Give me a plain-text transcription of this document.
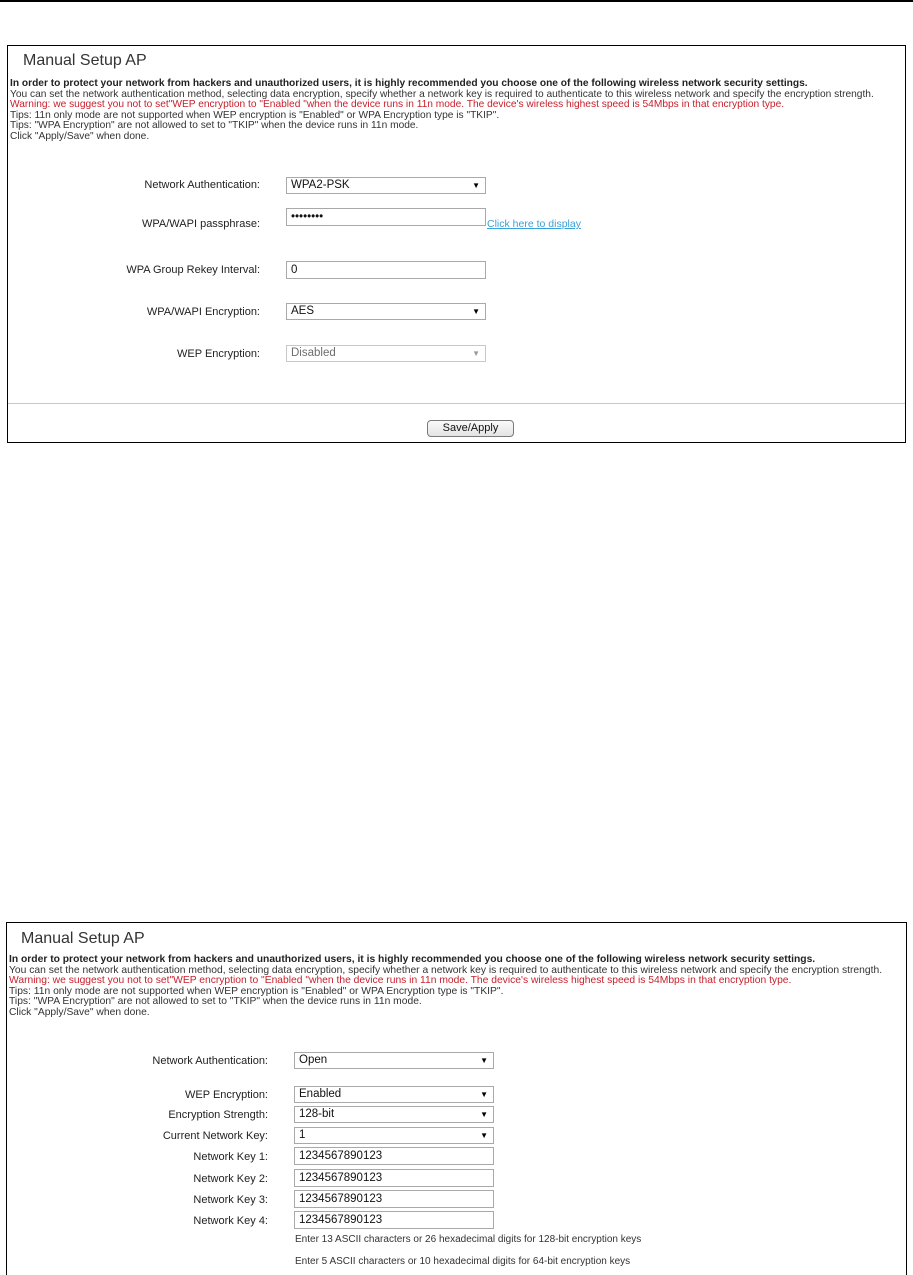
Manual Setup AP
In order to protect your network from hackers and unauthorized users, it is highly recommended you choose one of the following wireless network security settings.
You can set the network authentication method, selecting data encryption, specify whether a network key is required to authenticate to this wireless network and specify the encryption strength.
Warning: we suggest you not to set"WEP encryption to "Enabled "when the device runs in 11n mode. The device's wireless highest speed is 54Mbps in that encryption type.
Tips: 11n only mode are not supported when WEP encryption is "Enabled" or WPA Encryption type is "TKIP".
Tips: "WPA Encryption" are not allowed to set to "TKIP" when the device runs in 11n mode.
Click "Apply/Save" when done.
Network Authentication:	WPA2-PSK	▼
WPA/WAPI passphrase:
••••••••
Click here to display
WPA Group Rekey Interval:	0
WPA/WAPI Encryption:	AES	▼
WEP Encryption:	Disabled	▼
Save/Apply
Manual Setup AP
In order to protect your network from hackers and unauthorized users, it is highly recommended you choose one of the following wireless network security settings.
You can set the network authentication method, selecting data encryption, specify whether a network key is required to authenticate to this wireless network and specify the encryption strength.
Warning: we suggest you not to set"WEP encryption to "Enabled "when the device runs in 11n mode. The device's wireless highest speed is 54Mbps in that encryption type.
Tips: 11n only mode are not supported when WEP encryption is "Enabled" or WPA Encryption type is "TKIP".
Tips: "WPA Encryption" are not allowed to set to "TKIP" when the device runs in 11n mode.
Click "Apply/Save" when done.
Network Authentication:	Open	▼
WEP Encryption:	Enabled	▼
Encryption Strength:	128-bit	▼
Current Network Key:	1	▼
Network Key 1:	1234567890123
Network Key 2:	1234567890123
Network Key 3:	1234567890123
Network Key 4:	1234567890123
Enter 13 ASCII characters or 26 hexadecimal digits for 128-bit encryption keys
Enter 5 ASCII characters or 10 hexadecimal digits for 64-bit encryption keys
